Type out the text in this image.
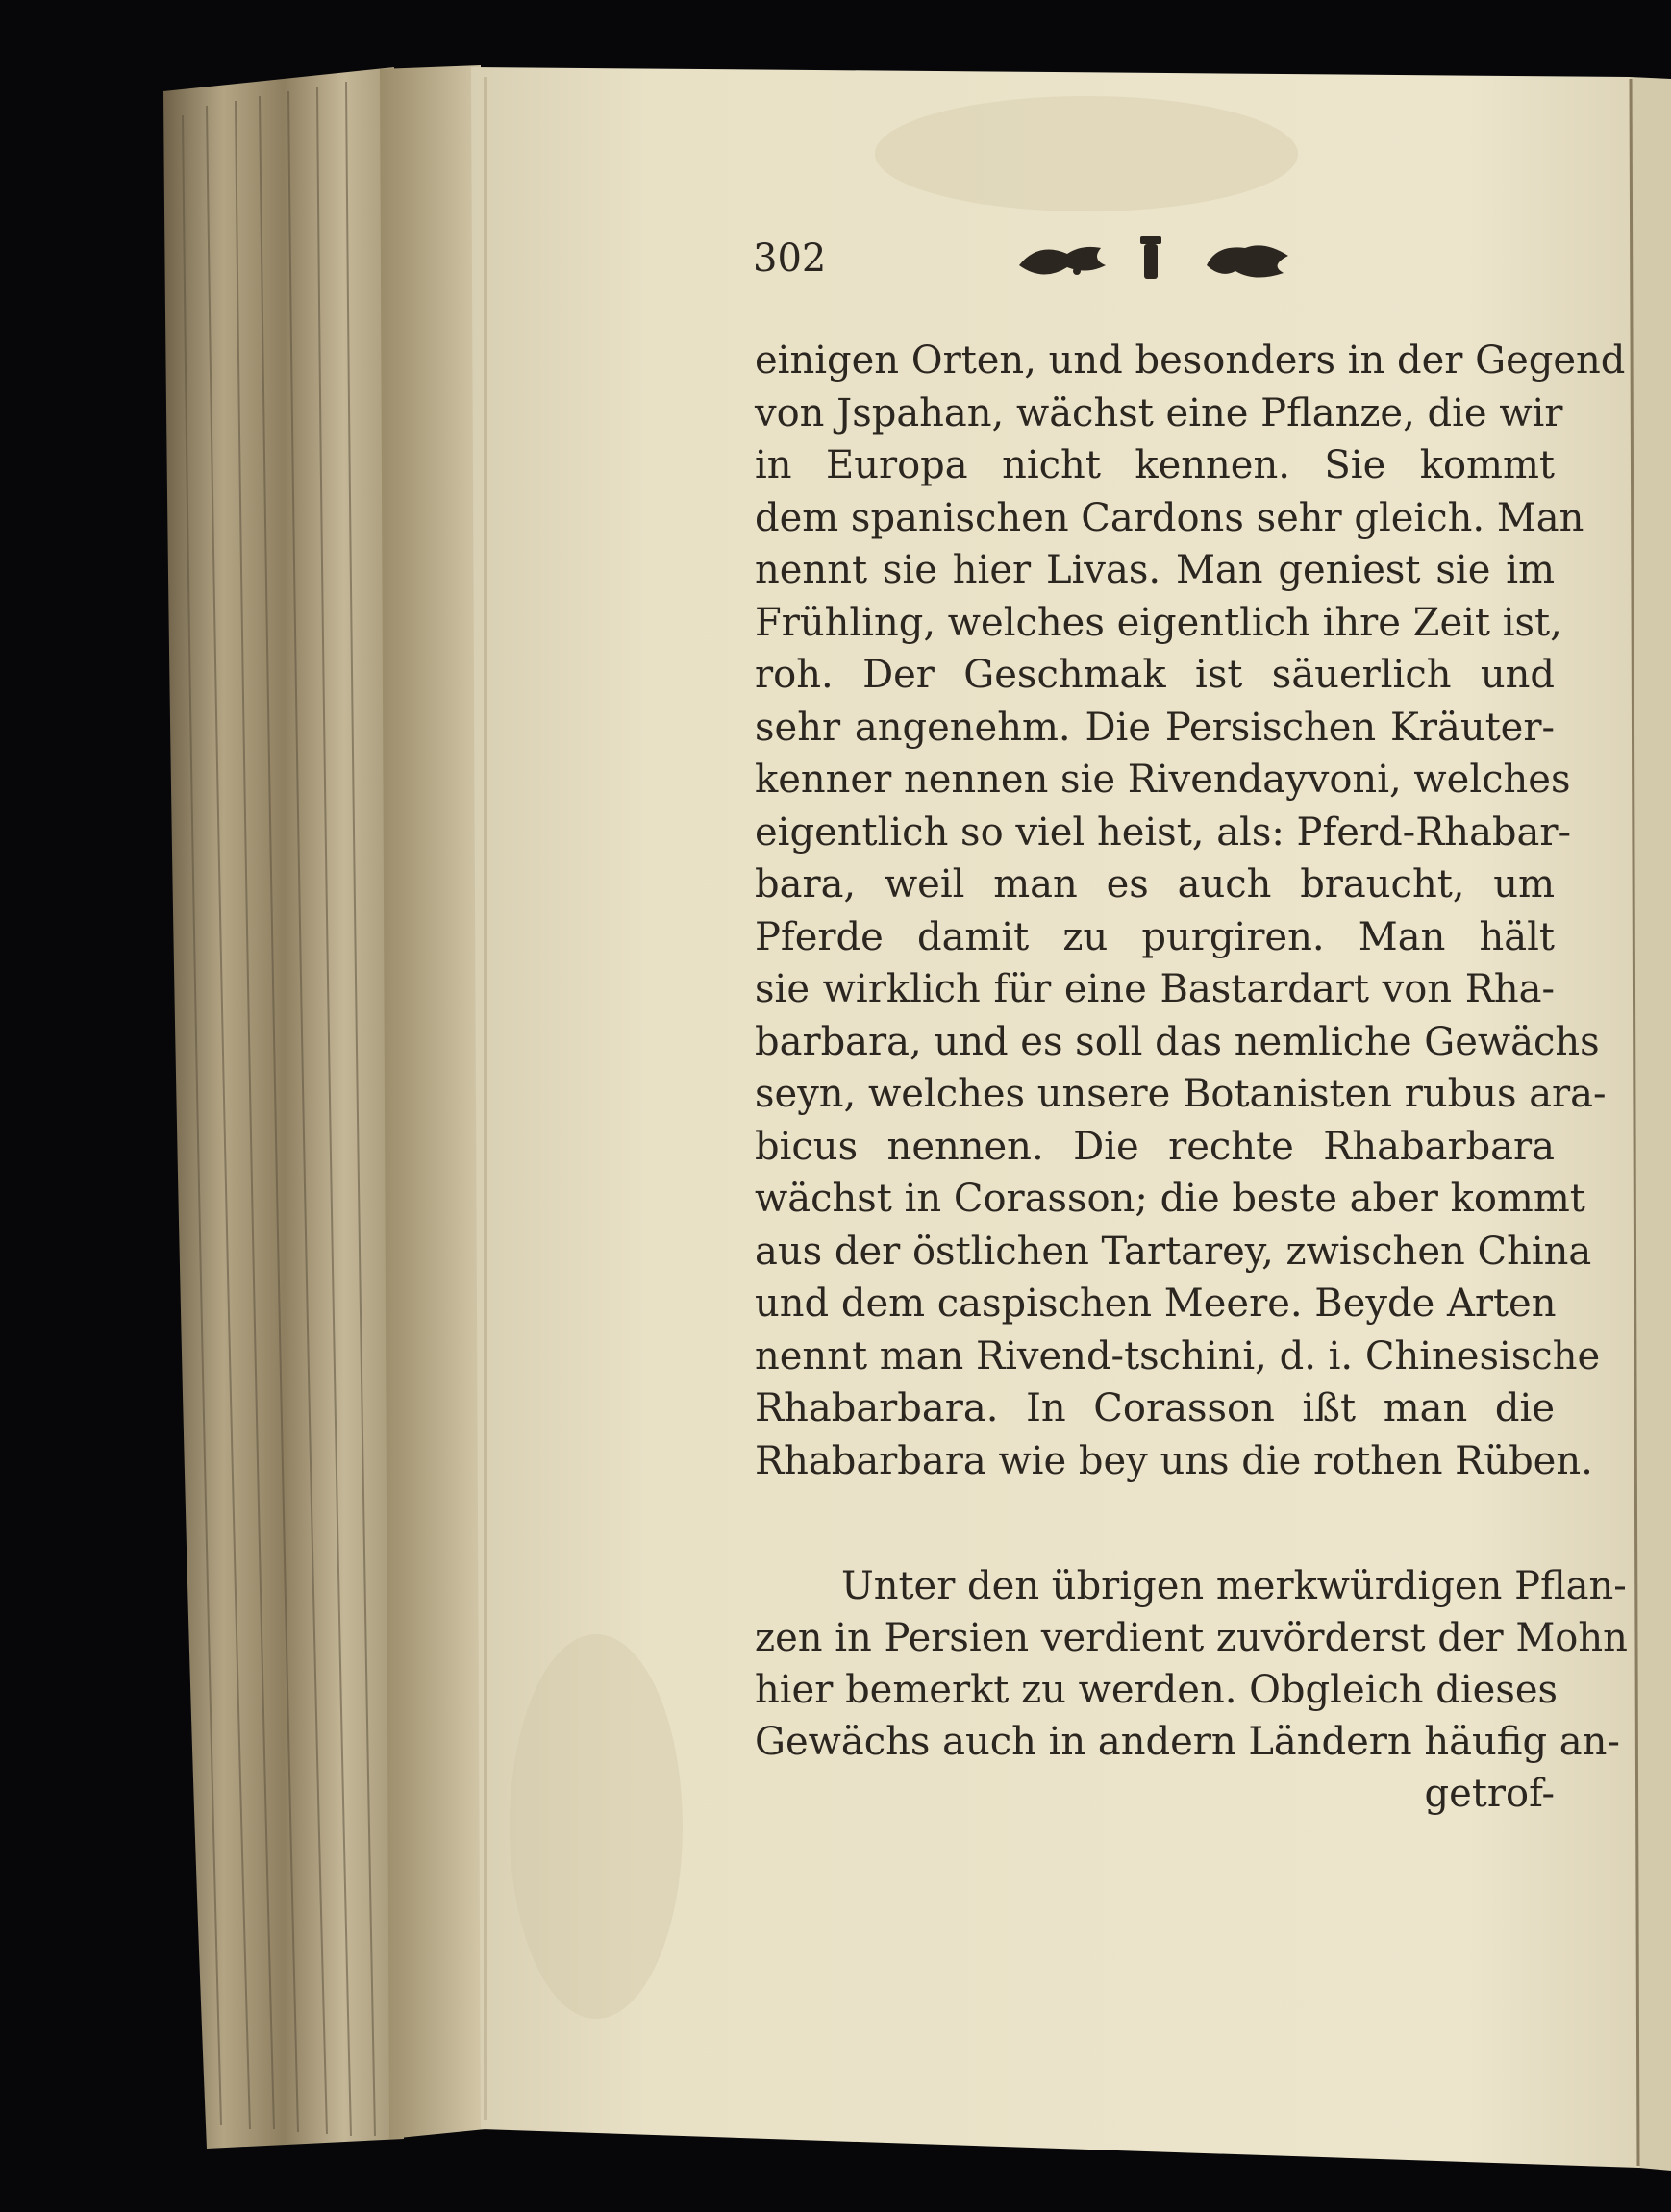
302
einigen Orten, und besonders in der Gegend
von Jspahan, wächst eine Pflanze, die wir
in Europa nicht kennen. Sie kommt
dem spanischen Cardons sehr gleich. Man
nennt sie hier Livas. Man geniest sie im
Frühling, welches eigentlich ihre Zeit ist,
roh. Der Geschmak ist säuerlich und
sehr angenehm. Die Persischen Kräuter-
kenner nennen sie Rivendayvoni, welches
eigentlich so viel heist, als: Pferd-Rhabar-
bara, weil man es auch braucht, um
Pferde damit zu purgiren. Man hält
sie wirklich für eine Bastardart von Rha-
barbara, und es soll das nemliche Gewächs
seyn, welches unsere Botanisten rubus ara-
bicus nennen. Die rechte Rhabarbara
wächst in Corasson; die beste aber kommt
aus der östlichen Tartarey, zwischen China
und dem caspischen Meere. Beyde Arten
nennt man Rivend-tschini, d. i. Chinesische
Rhabarbara. In Corasson ißt man die
Rhabarbara wie bey uns die rothen Rüben.
Unter den übrigen merkwürdigen Pflan-
zen in Persien verdient zuvörderst der Mohn
hier bemerkt zu werden. Obgleich dieses
Gewächs auch in andern Ländern häufig an-
getrof-
